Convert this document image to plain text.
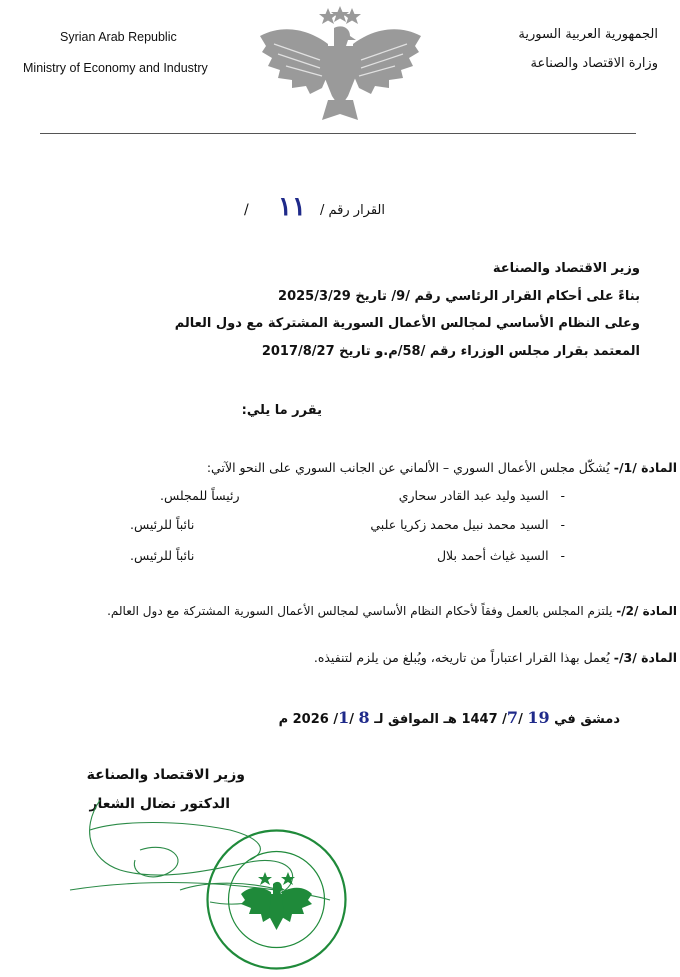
Syrian Arab Republic
Ministry of Economy and Industry
الجمهورية العربية السورية
وزارة الاقتصاد والصناعة
القرار رقم /
١١
/
وزير الاقتصاد والصناعة
بناءً على أحكام القرار الرئاسي رقم /9/ تاريخ 2025/3/29
وعلى النظام الأساسي لمجالس الأعمال السورية المشتركة مع دول العالم
المعتمد بقرار مجلس الوزراء رقم /58/م.و تاريخ 2017/8/27
يقرر ما يلي:
المادة /1/- يُشكّل مجلس الأعمال السوري – الألماني عن الجانب السوري على النحو الآتي:
-   السيد وليد عبد القادر سحاري
رئيساً للمجلس.
-   السيد محمد نبيل محمد زكريا علبي
نائباً للرئيس.
-   السيد غياث أحمد بلال
نائباً للرئيس.
المادة /2/- يلتزم المجلس بالعمل وفقاً لأحكام النظام الأساسي لمجالس الأعمال السورية المشتركة مع دول العالم.
المادة /3/- يُعمل بهذا القرار اعتباراً من تاريخه، ويُبلغ من يلزم لتنفيذه.
دمشق في 19 /7/ 1447 هـ الموافق لـ 8 /1/ 2026 م
وزير الاقتصاد والصناعة
الدكتور نضال الشعار
